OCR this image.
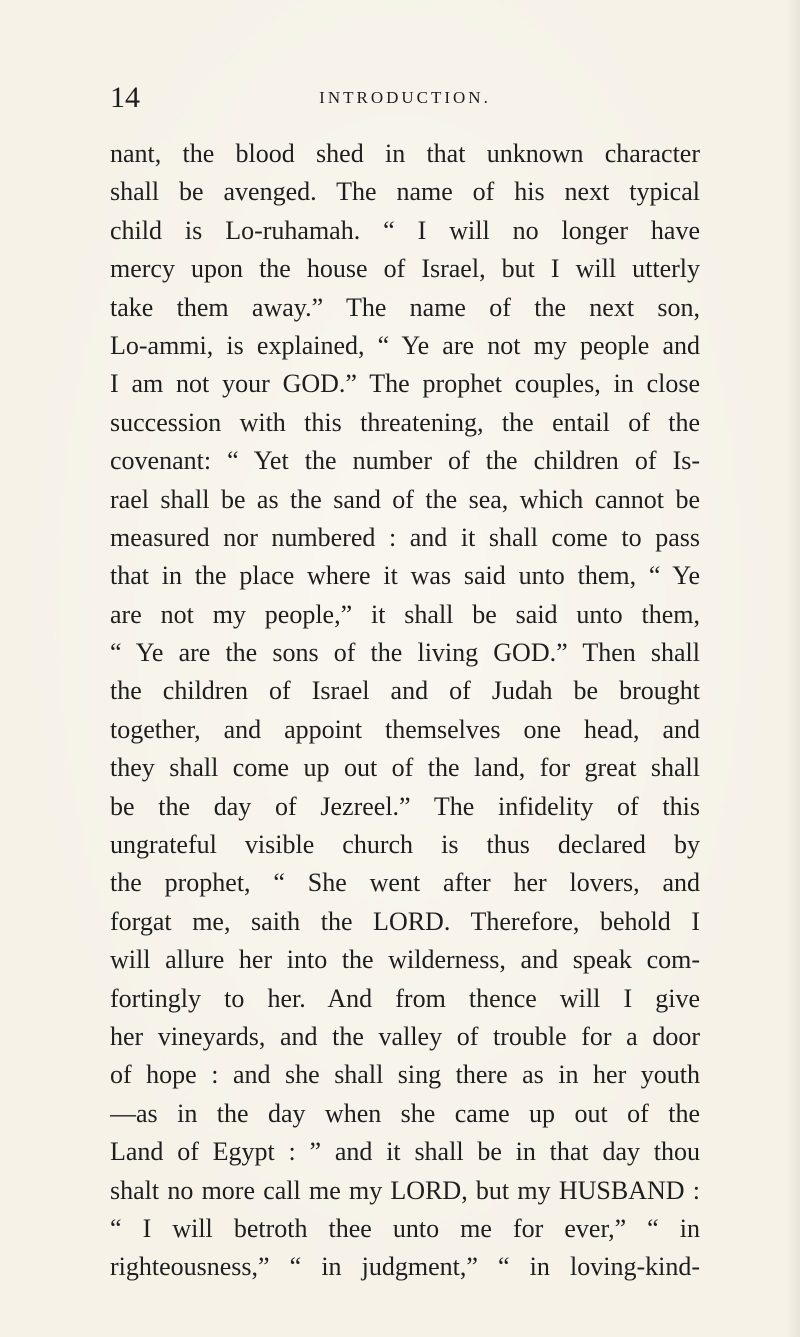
14	INTRODUCTION.
nant, the blood shed in that unknown character
shall be avenged. The name of his next typical
child is Lo-ruhamah. “ I will no longer have
mercy upon the house of Israel, but I will utterly
take them away.” The name of the next son,
Lo-ammi, is explained, “ Ye are not my people and
I am not your GOD.” The prophet couples, in close
succession with this threatening, the entail of the
covenant: “ Yet the number of the children of Is-
rael shall be as the sand of the sea, which cannot be
measured nor numbered : and it shall come to pass
that in the place where it was said unto them, “ Ye
are not my people,” it shall be said unto them,
“ Ye are the sons of the living GOD.” Then shall
the children of Israel and of Judah be brought
together, and appoint themselves one head, and
they shall come up out of the land, for great shall
be the day of Jezreel.” The infidelity of this
ungrateful visible church is thus declared by
the prophet, “ She went after her lovers, and
forgat me, saith the LORD. Therefore, behold I
will allure her into the wilderness, and speak com-
fortingly to her. And from thence will I give
her vineyards, and the valley of trouble for a door
of hope : and she shall sing there as in her youth
—as in the day when she came up out of the
Land of Egypt : ” and it shall be in that day thou
shalt no more call me my LORD, but my HUSBAND :
“ I will betroth thee unto me for ever,” “ in
righteousness,” “ in judgment,” “ in loving-kind-
